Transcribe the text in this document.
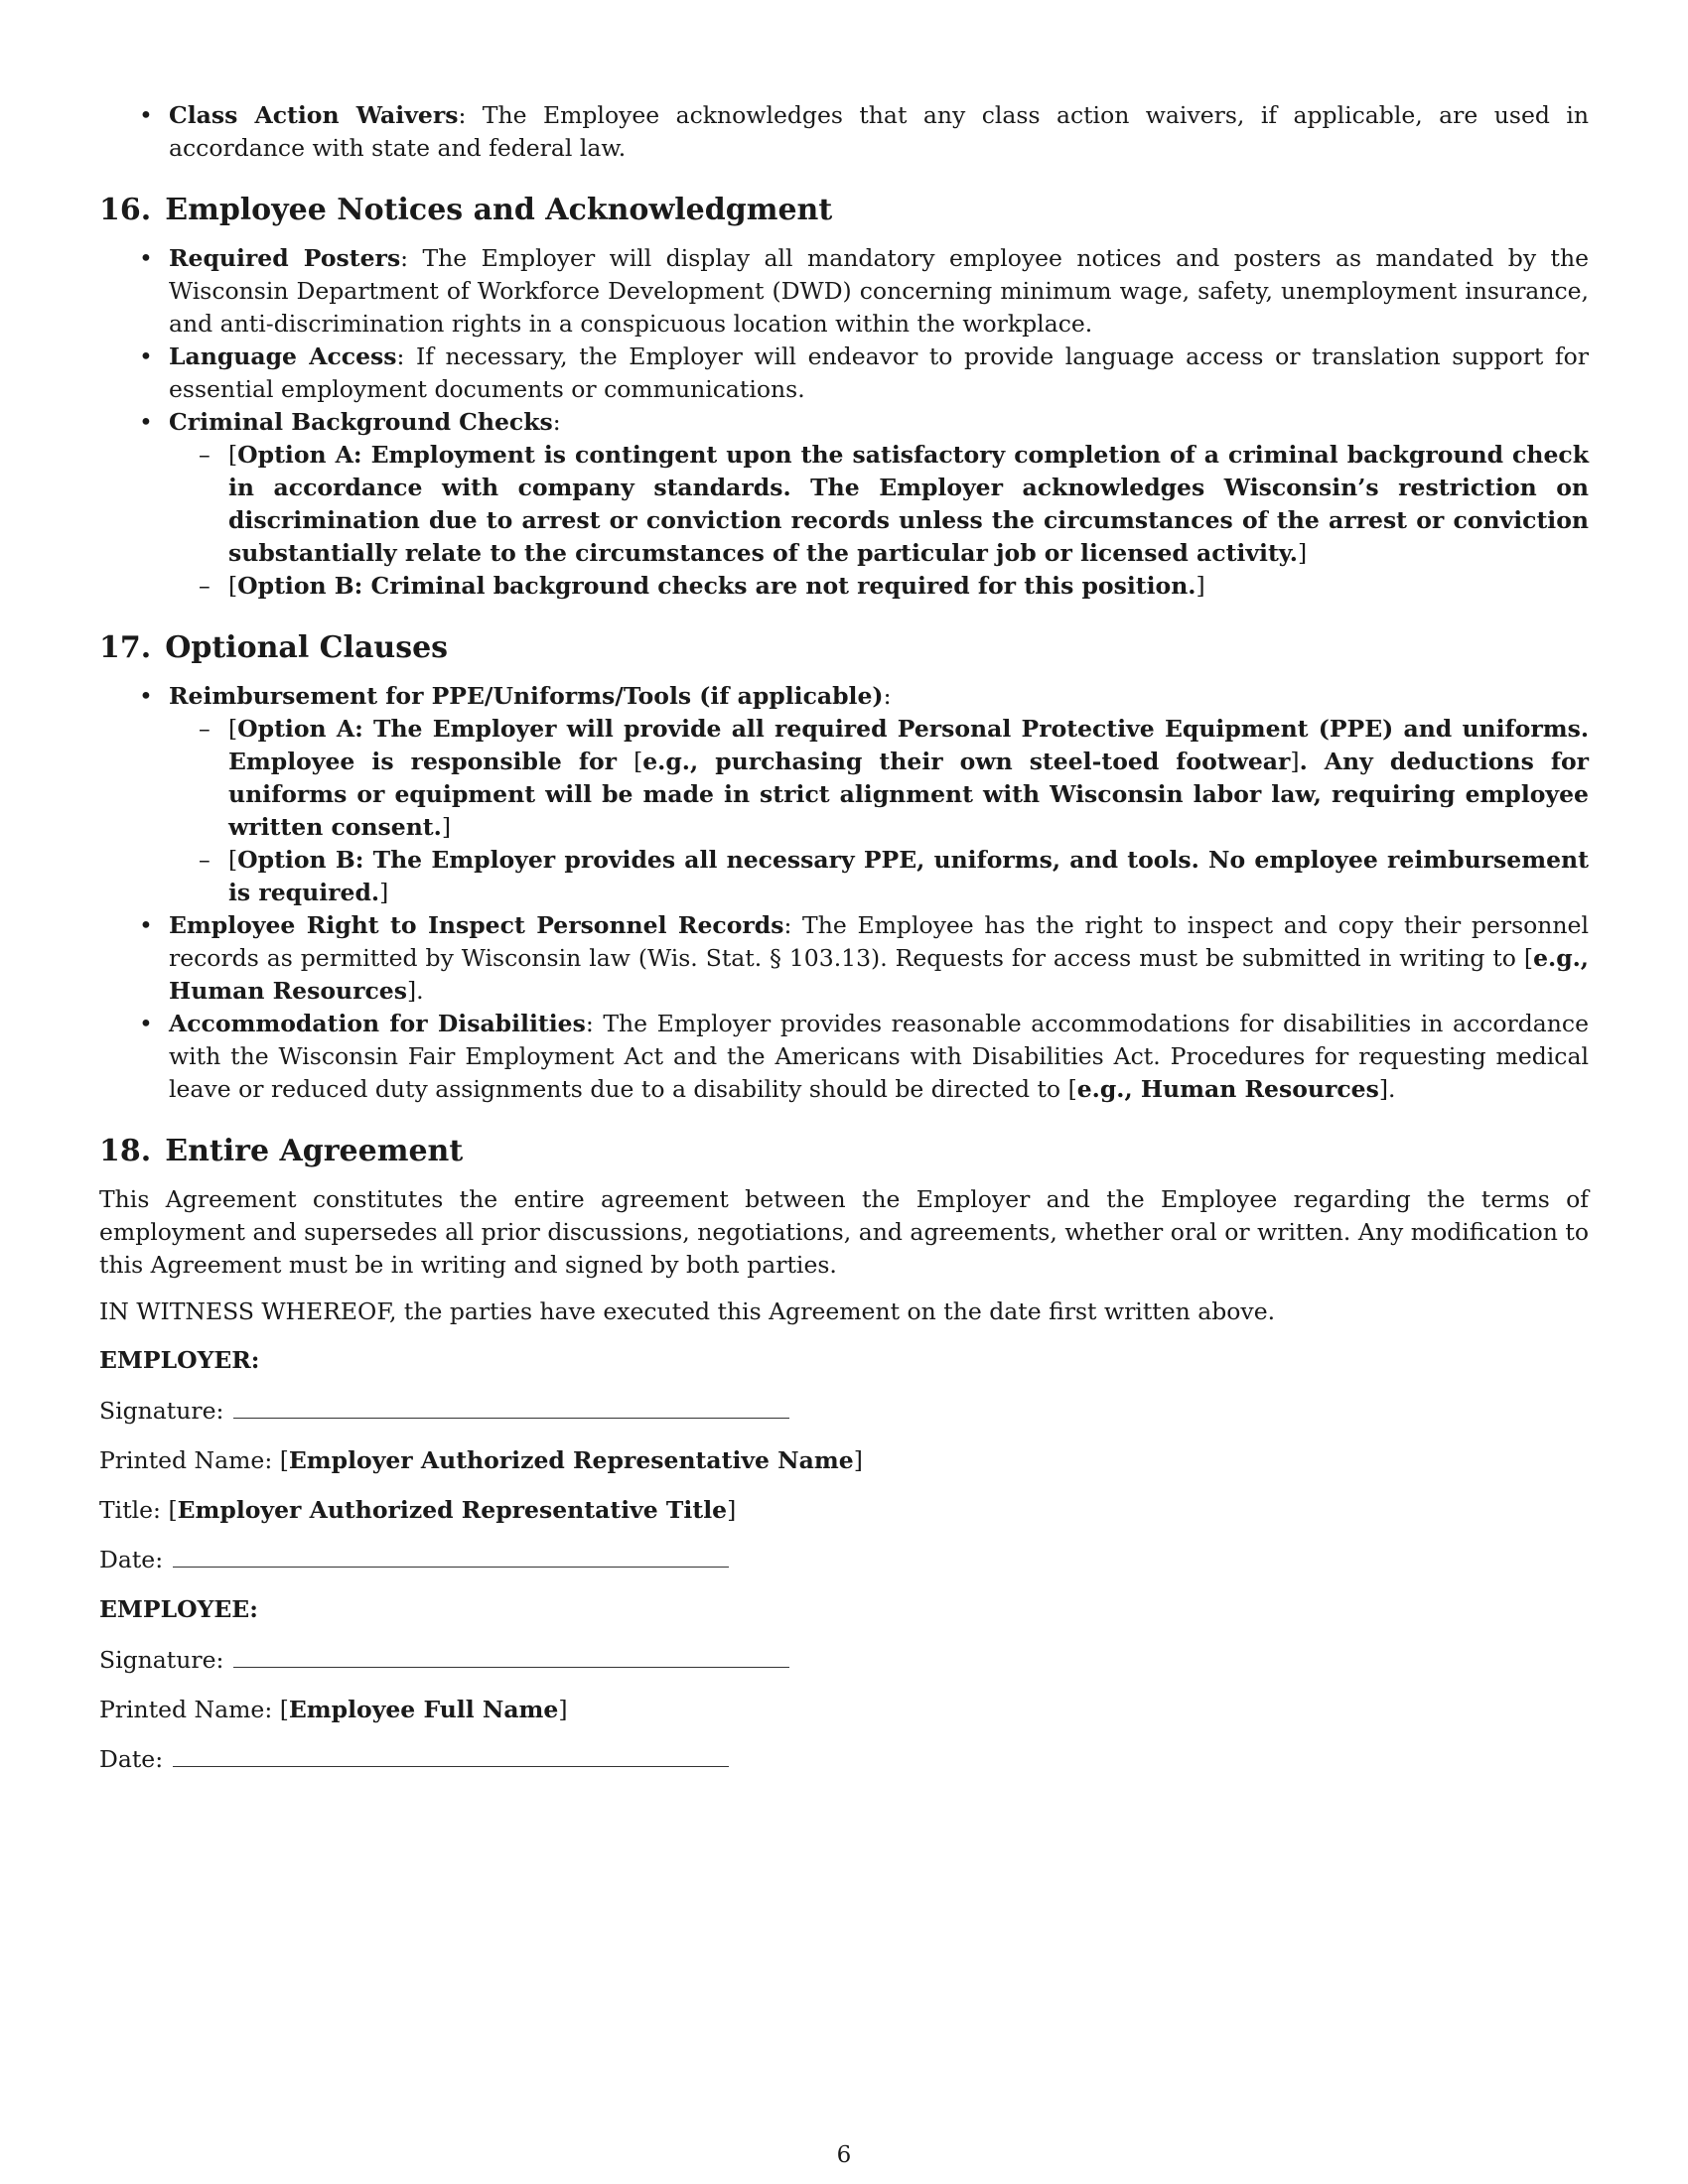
• Class Action Waivers: The Employee acknowledges that any class action waivers, if applicable, are used in accordance with state and federal law.
16. Employee Notices and Acknowledgment
• Required Posters: The Employer will display all mandatory employee notices and posters as mandated by the Wisconsin Department of Workforce Development (DWD) concerning minimum wage, safety, unemployment insurance, and anti-discrimination rights in a conspicuous location within the workplace.
• Language Access: If necessary, the Employer will endeavor to provide language access or translation support for essential employment documents or communications.
• Criminal Background Checks:
– [Option A: Employment is contingent upon the satisfactory completion of a criminal background check in accordance with company standards. The Employer acknowledges Wisconsin’s restriction on discrimination due to arrest or conviction records unless the circumstances of the arrest or conviction substantially relate to the circumstances of the particular job or licensed activity.]
– [Option B: Criminal background checks are not required for this position.]
17. Optional Clauses
• Reimbursement for PPE/Uniforms/Tools (if applicable):
– [Option A: The Employer will provide all required Personal Protective Equipment (PPE) and uniforms. Employee is responsible for [e.g., purchasing their own steel-toed footwear]. Any deductions for uniforms or equipment will be made in strict alignment with Wisconsin labor law, requiring employee written consent.]
– [Option B: The Employer provides all necessary PPE, uniforms, and tools. No employee reimbursement is required.]
• Employee Right to Inspect Personnel Records: The Employee has the right to inspect and copy their personnel records as permitted by Wisconsin law (Wis. Stat. § 103.13). Requests for access must be submitted in writing to [e.g., Human Resources].
• Accommodation for Disabilities: The Employer provides reasonable accommodations for disabilities in accordance with the Wisconsin Fair Employment Act and the Americans with Disabilities Act. Procedures for requesting medical leave or reduced duty assignments due to a disability should be directed to [e.g., Human Resources].
18. Entire Agreement

This Agreement constitutes the entire agreement between the Employer and the Employee regarding the terms of employment and supersedes all prior discussions, negotiations, and agreements, whether oral or written. Any modification to this Agreement must be in writing and signed by both parties.

IN WITNESS WHEREOF, the parties have executed this Agreement on the date first written above.

EMPLOYER:
Signature:
Printed Name: [Employer Authorized Representative Name]
Title: [Employer Authorized Representative Title]
Date:
EMPLOYEE:
Signature:
Printed Name: [Employee Full Name]
Date:
6
